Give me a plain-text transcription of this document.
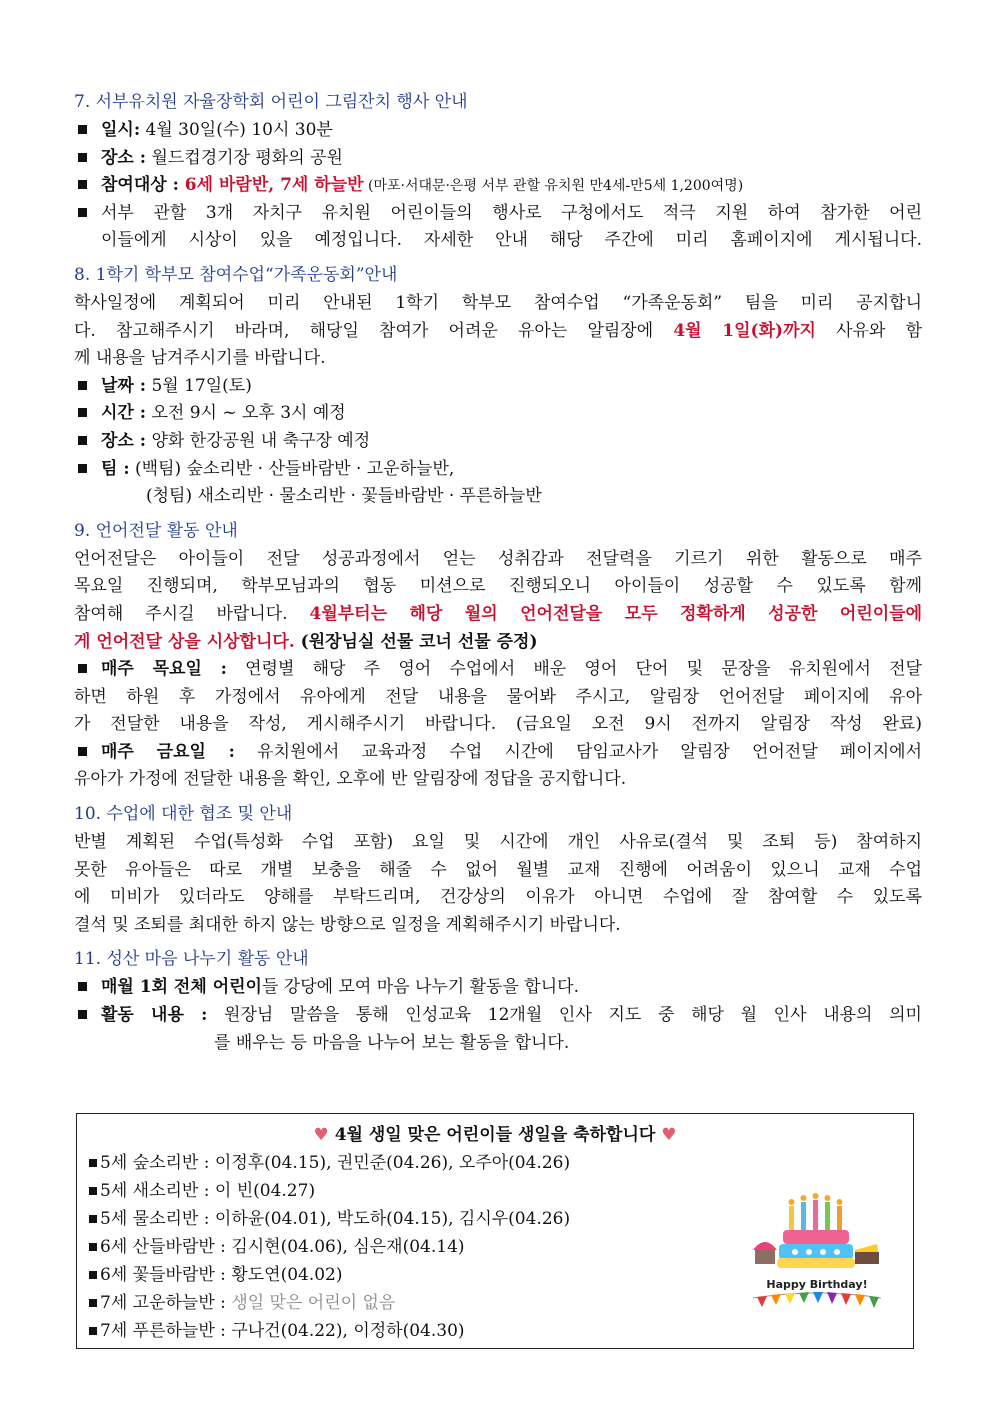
7. 서부유치원 자율장학회 어린이 그림잔치 행사 안내
일시: 4월 30일(수) 10시 30분
장소 : 월드컵경기장 평화의 공원
참여대상 : 6세 바람반, 7세 하늘반 (마포·서대문·은평 서부 관할 유치원 만4세-만5세 1,200여명)
서부 관할 3개 자치구 유치원 어린이들의 행사로 구청에서도 적극 지원 하여 참가한 어린
이들에게 시상이 있을 예정입니다. 자세한 안내 해당 주간에 미리 홈페이지에 게시됩니다.
8. 1학기 학부모 참여수업“가족운동회”안내
학사일정에 계획되어 미리 안내된 1학기 학부모 참여수업 “가족운동회” 팀을 미리 공지합니
다. 참고해주시기 바라며, 해당일 참여가 어려운 유아는 알림장에 4월 1일(화)까지 사유와 함
께 내용을 남겨주시기를 바랍니다.
날짜 : 5월 17일(토)
시간 : 오전 9시 ~ 오후 3시 예정
장소 : 양화 한강공원 내 축구장 예정
팀 : (백팀) 숲소리반 · 산들바람반 · 고운하늘반,
(청팀) 새소리반 · 물소리반 · 꽃들바람반 · 푸른하늘반
9. 언어전달 활동 안내
언어전달은 아이들이 전달 성공과정에서 얻는 성취감과 전달력을 기르기 위한 활동으로 매주
목요일 진행되며, 학부모님과의 협동 미션으로 진행되오니 아이들이 성공할 수 있도록 함께
참여해 주시길 바랍니다. 4월부터는 해당 월의 언어전달을 모두 정확하게 성공한 어린이들에
게 언어전달 상을 시상합니다. (원장님실 선물 코너 선물 증정)
매주 목요일 : 연령별 해당 주 영어 수업에서 배운 영어 단어 및 문장을 유치원에서 전달
하면 하원 후 가정에서 유아에게 전달 내용을 물어봐 주시고, 알림장 언어전달 페이지에 유아
가 전달한 내용을 작성, 게시해주시기 바랍니다. (금요일 오전 9시 전까지 알림장 작성 완료)
매주 금요일 : 유치원에서 교육과정 수업 시간에 담임교사가 알림장 언어전달 페이지에서
유아가 가정에 전달한 내용을 확인, 오후에 반 알림장에 정답을 공지합니다.
10. 수업에 대한 협조 및 안내
반별 계획된 수업(특성화 수업 포함) 요일 및 시간에 개인 사유로(결석 및 조퇴 등) 참여하지
못한 유아들은 따로 개별 보충을 해줄 수 없어 월별 교재 진행에 어려움이 있으니 교재 수업
에 미비가 있더라도 양해를 부탁드리며, 건강상의 이유가 아니면 수업에 잘 참여할 수 있도록
결석 및 조퇴를 최대한 하지 않는 방향으로 일정을 계획해주시기 바랍니다.
11. 성산 마음 나누기 활동 안내
매월 1회 전체 어린이들 강당에 모여 마음 나누기 활동을 합니다.
활동 내용 : 원장님 말씀을 통해 인성교육 12개월 인사 지도 중 해당 월 인사 내용의 의미
를 배우는 등 마음을 나누어 보는 활동을 합니다.
♥ 4월 생일 맞은 어린이들 생일을 축하합니다 ♥
5세 숲소리반 : 이정후(04.15), 권민준(04.26), 오주아(04.26)
5세 새소리반 : 이 빈(04.27)
5세 물소리반 : 이하윤(04.01), 박도하(04.15), 김시우(04.26)
6세 산들바람반 : 김시현(04.06), 심은재(04.14)
6세 꽃들바람반 : 황도연(04.02)
7세 고운하늘반 : 생일 맞은 어린이 없음
7세 푸른하늘반 : 구나건(04.22), 이정하(04.30)
Happy Birthday!
